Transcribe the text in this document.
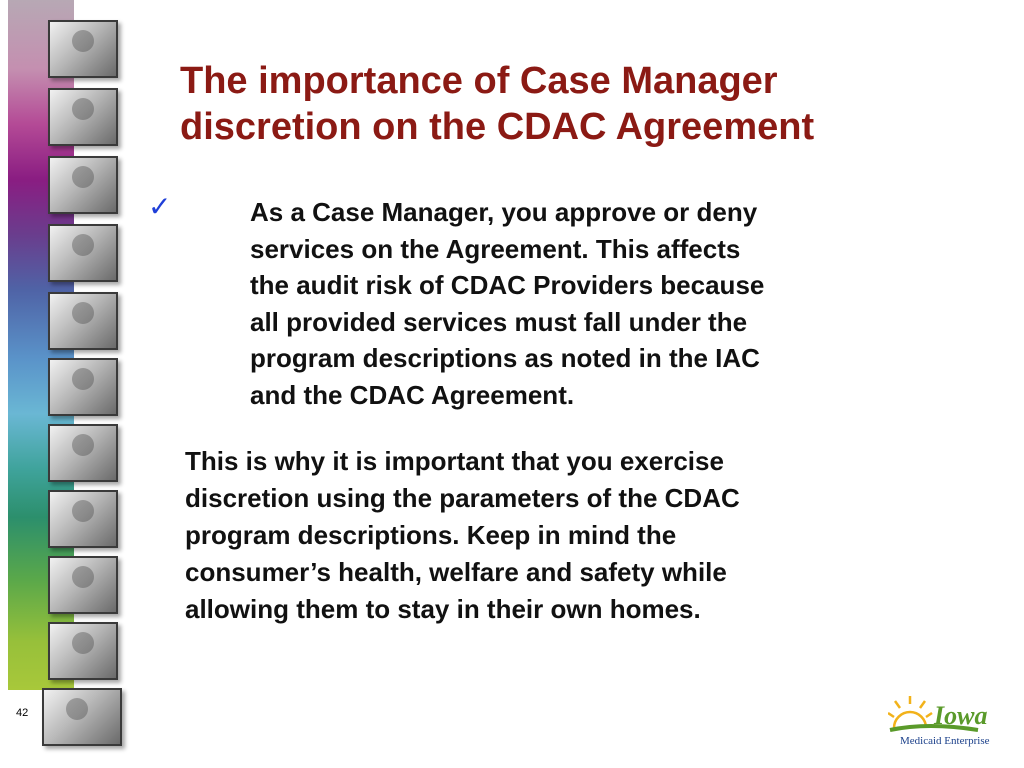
42
The importance of Case Manager
discretion on the CDAC Agreement
✓	As a Case Manager, you approve or deny
services on the Agreement. This affects
the audit risk of CDAC Providers because
all provided services must fall under the
program descriptions as noted in the IAC
and the CDAC Agreement.
This is why it is important that you exercise
discretion using the parameters of the CDAC
program descriptions. Keep in mind the
consumer’s health, welfare and safety while
allowing them to stay in their own homes.
Iowa
Medicaid Enterprise
